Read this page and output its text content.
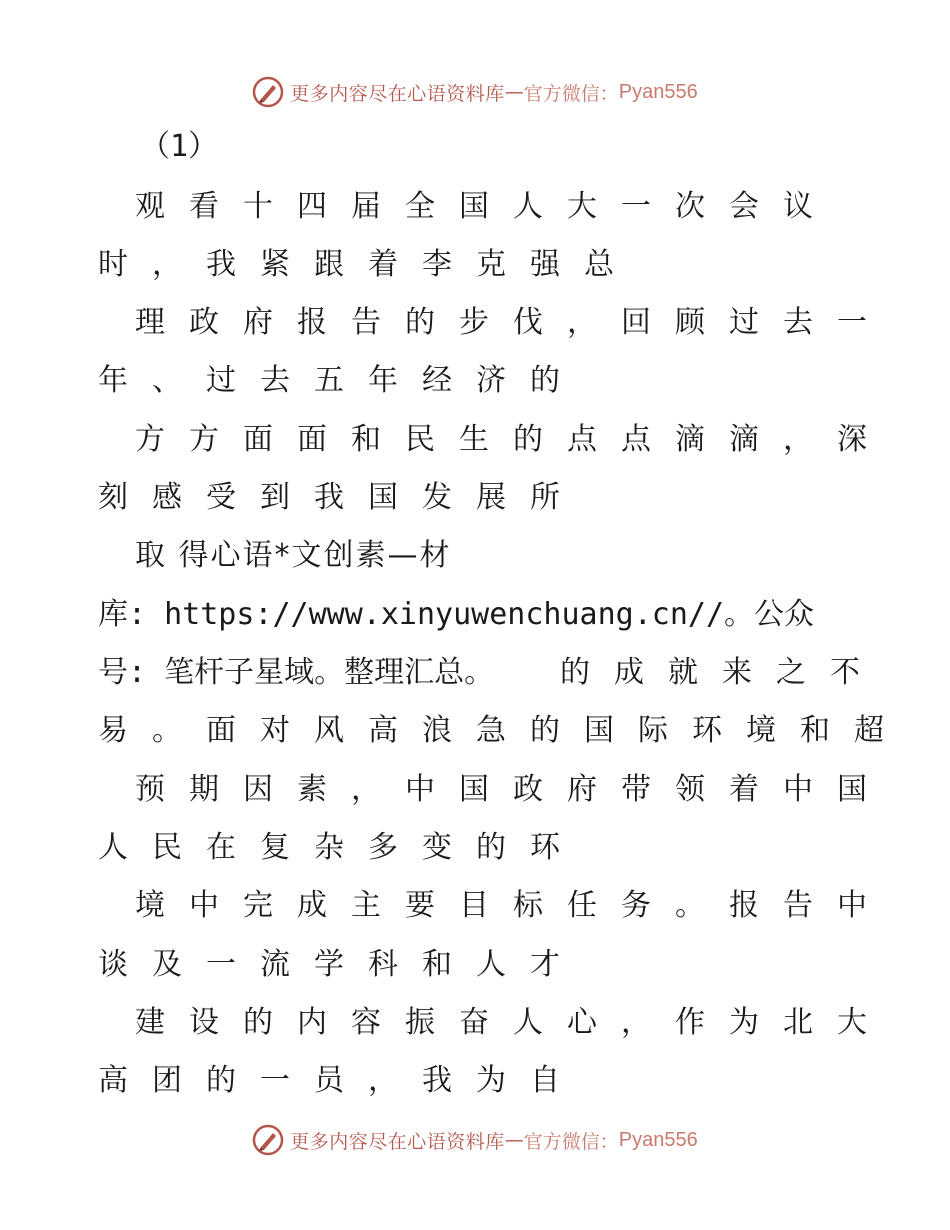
更多内容尽在心语资料库 — 官方微信： Pyan556
（1）
观看十四届全国人大一次会议
时，我紧跟着李克强总
理政府报告的步伐，回顾过去一
年、过去五年经济的
方方面面和民生的点点滴滴，深
刻感受到我国发展所
取 得心语*文创素—材
库: https://www.xinyuwenchuang.cn//。公众
号: 笔杆子星域。整理汇总。 的成就来之不
易。面对风高浪急的国际环境和超
预期因素，中国政府带领着中国
人民在复杂多变的环
境中完成主要目标任务。报告中
谈及一流学科和人才
建设的内容振奋人心，作为北大
高团的一员，我为自
更多内容尽在心语资料库 — 官方微信： Pyan556
